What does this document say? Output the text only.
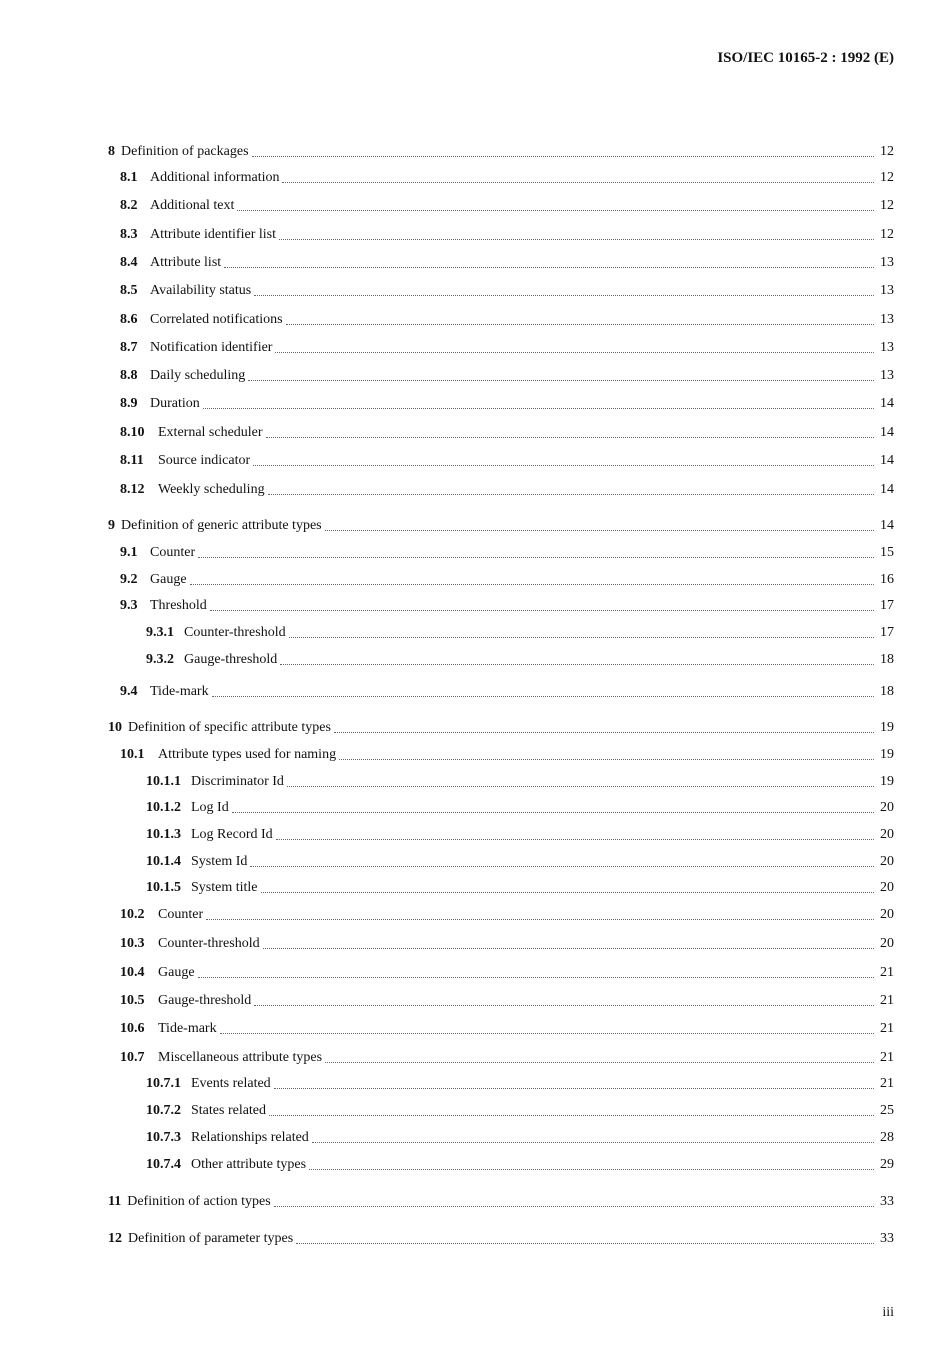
ISO/IEC 10165-2 : 1992 (E)
8 Definition of packages	12
8.1 Additional information	12
8.2 Additional text	12
8.3 Attribute identifier list	12
8.4 Attribute list	13
8.5 Availability status	13
8.6 Correlated notifications	13
8.7 Notification identifier	13
8.8 Daily scheduling	13
8.9 Duration	14
8.10 External scheduler	14
8.11	Source indicator	14
8.12 Weekly scheduling	14
9 Definition of generic attribute types	14
9.1 Counter	15
9.2 Gauge	16
9.3 Threshold	17
9.3.1 Counter-threshold	17
9.3.2 Gauge-threshold	18
9.4 Tide-mark	18
10 Definition of specific attribute types	19
10.1 Attribute types used for naming	19
10.1.1 Discriminator Id	19
10.1.2 Log Id	20
10.1.3 Log Record Id	20
10.1.4 System Id	20
10.1.5 System title	20
10.2 Counter	20
10.3 Counter-threshold	20
10.4 Gauge	21
10.5 Gauge-threshold	21
10.6 Tide-mark	21
10.7 Miscellaneous attribute types	21
10.7.1 Events related	21
10.7.2 States related	25
10.7.3 Relationships related	28
10.7.4 Other attribute types	29
11 Definition of action types	33
12 Definition of parameter types	33
iii
